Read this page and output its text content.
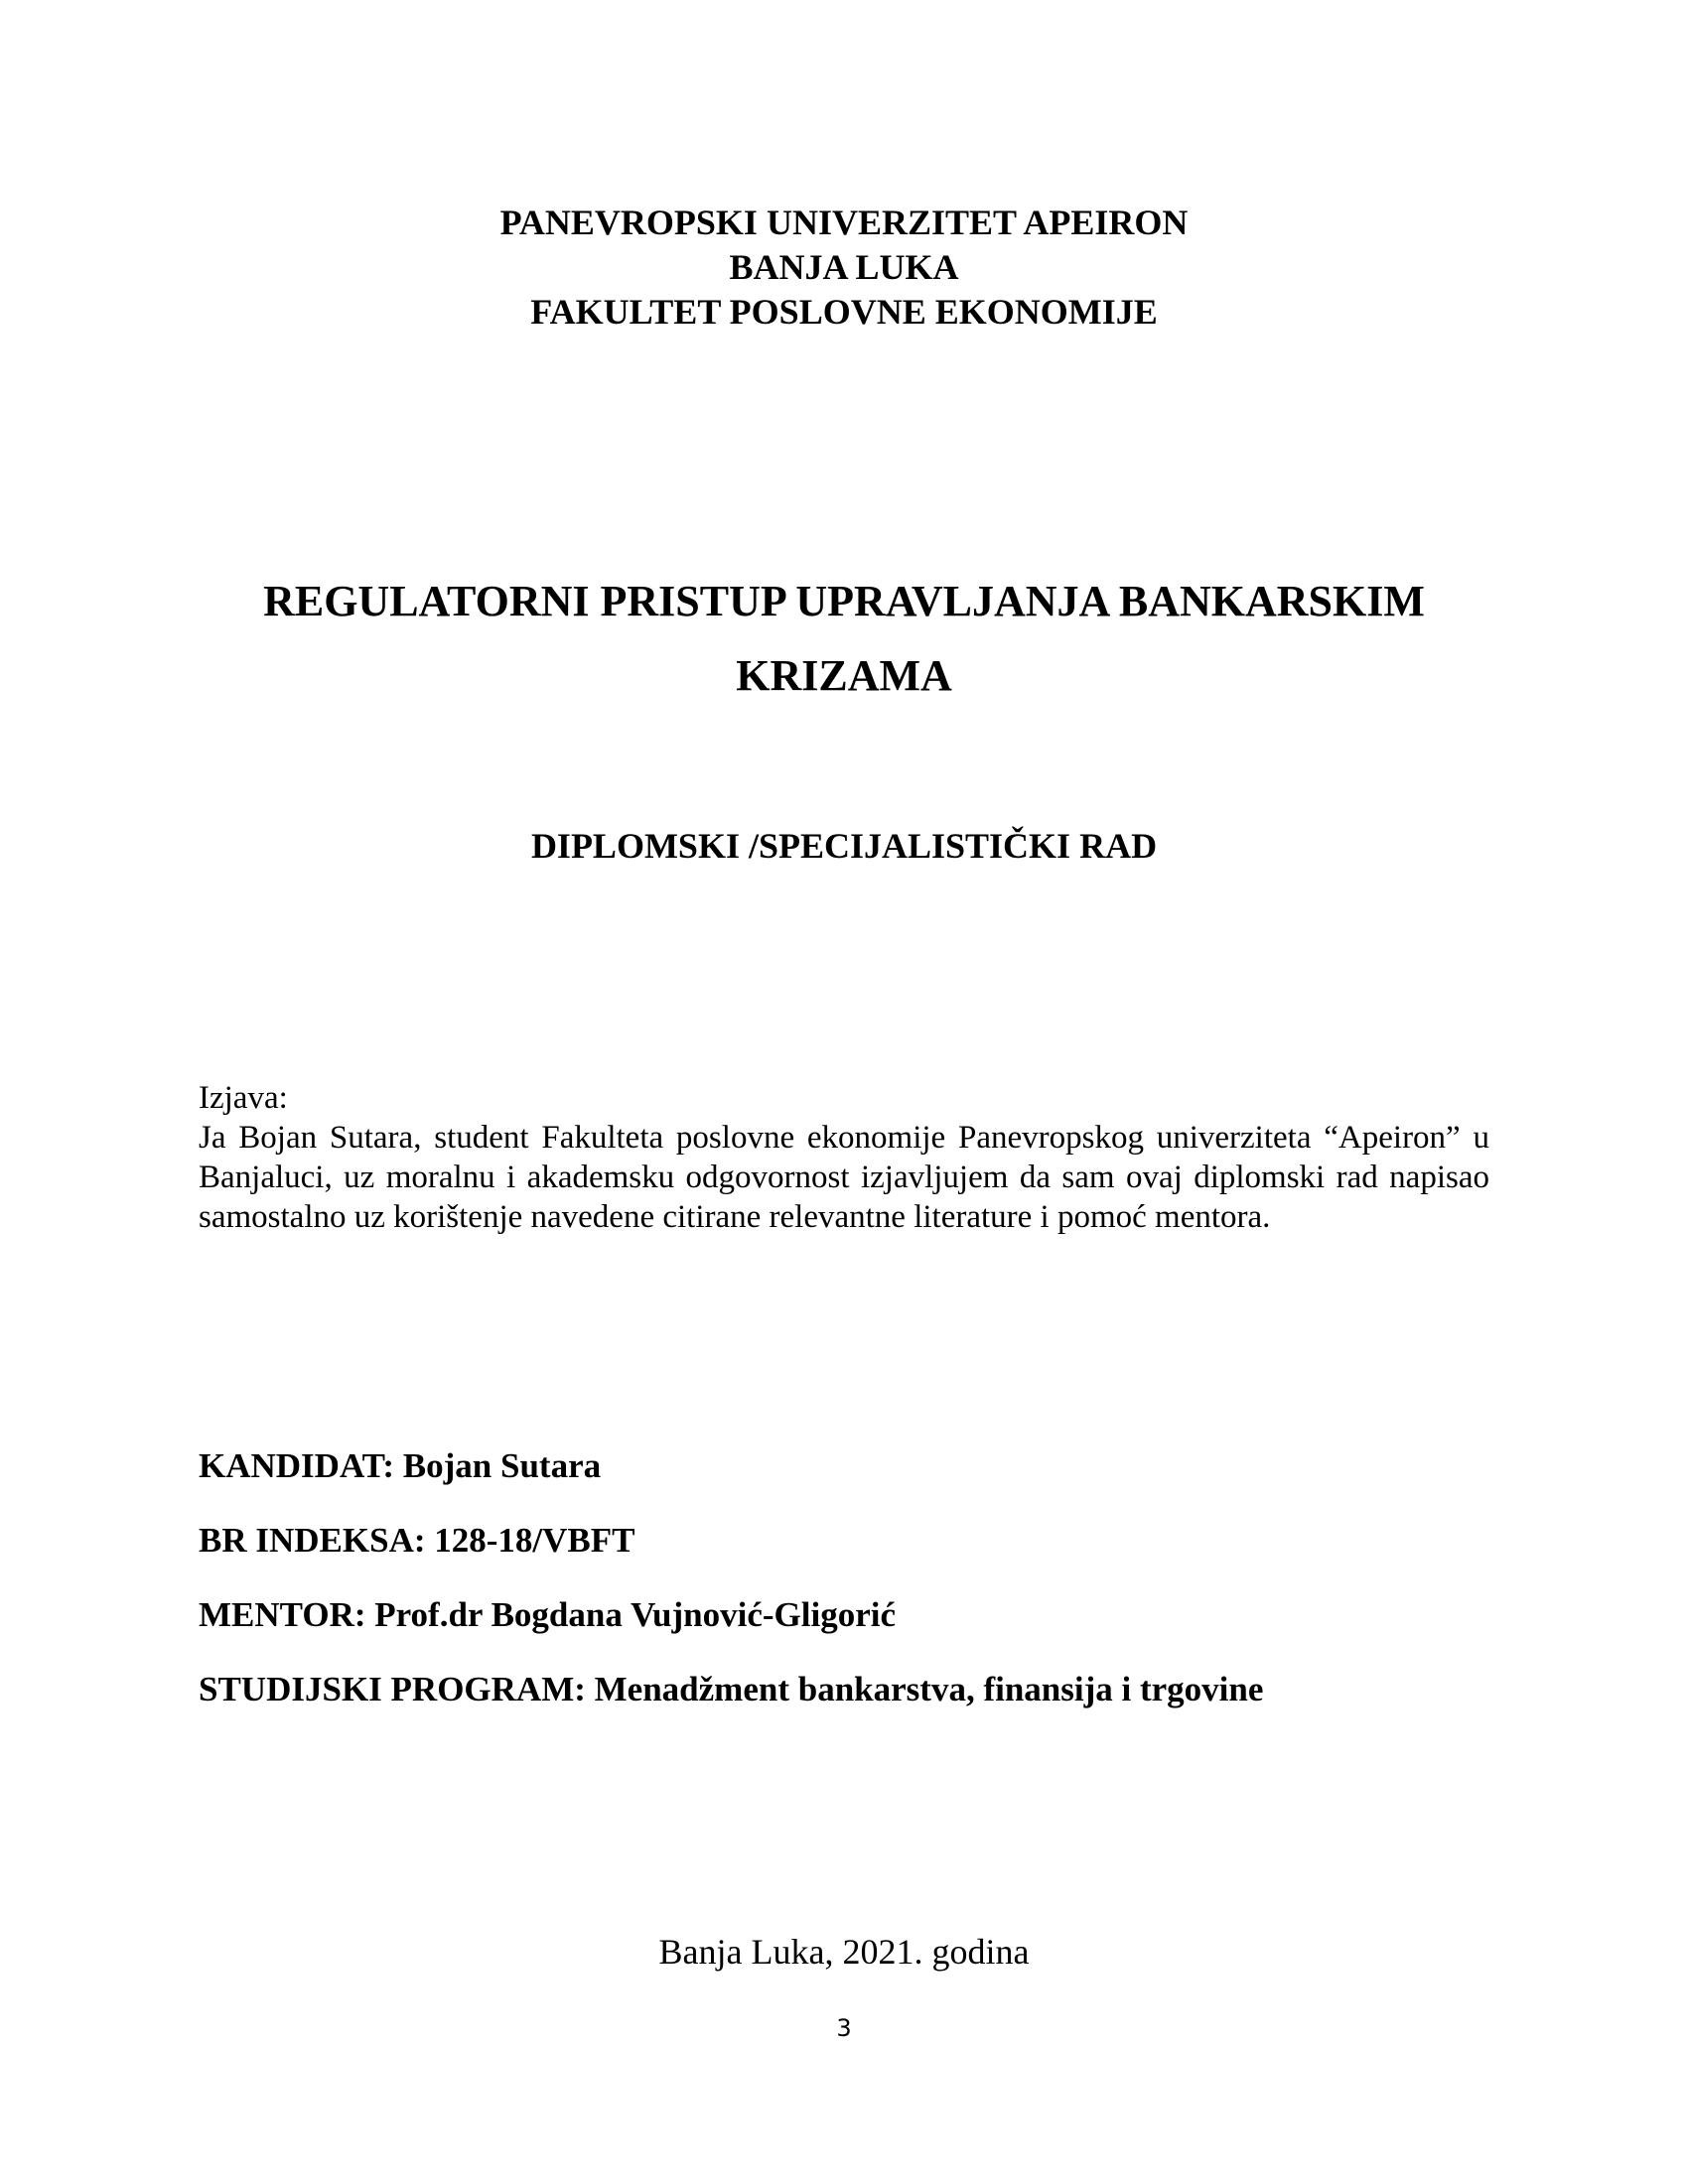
PANEVROPSKI UNIVERZITET APEIRON
BANJA LUKA
FAKULTET POSLOVNE EKONOMIJE
REGULATORNI PRISTUP UPRAVLJANJA BANKARSKIM
KRIZAMA
DIPLOMSKI /SPECIJALISTIČKI RAD
Izjava:
Ja Bojan Sutara, student Fakulteta poslovne ekonomije Panevropskog univerziteta “Apeiron” u Banjaluci, uz moralnu i akademsku odgovornost izjavljujem da sam ovaj diplomski rad napisao samostalno uz korištenje navedene citirane relevantne literature i pomoć mentora.
KANDIDAT: Bojan Sutara
BR INDEKSA: 128-18/VBFT
MENTOR: Prof.dr Bogdana Vujnović-Gligorić
STUDIJSKI PROGRAM: Menadžment bankarstva, finansija i trgovine
Banja Luka, 2021. godina
3
